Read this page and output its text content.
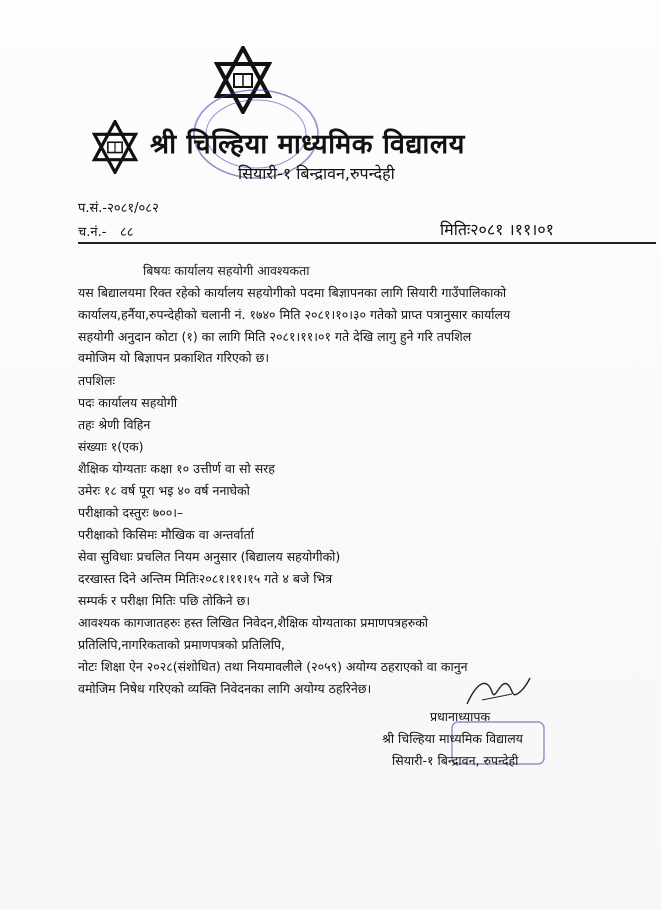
श्री चिल्हिया माध्यमिक विद्यालय
सियारी-१ बिन्द्रावन,रुपन्देही
प.सं.-२०८१/०८२
च.नं.- ८८	मितिः२०८१ ।११।०१
बिषयः कार्यालय सहयोगी आवश्यकता
यस बिद्यालयमा रिक्त रहेको कार्यालय सहयोगीको पदमा बिज्ञापनका लागि सियारी गाउँपालिकाको
कार्यालय,हर्नैया,रुपन्देहीको चलानी नं. १७४० मिति २०८१।१०।३० गतेको प्राप्त पत्रानुसार कार्यालय
सहयोगी अनुदान कोटा (१) का लागि मिति २०८१।११।०१ गते देखि लागु हुने गरि तपशिल
वमोजिम यो बिज्ञापन प्रकाशित गरिएको छ।
तपशिलः
पदः कार्यालय सहयोगी
तहः श्रेणी विहिन
संख्याः १(एक)
शैक्षिक योग्यताः कक्षा १० उत्तीर्ण वा सो सरह
उमेरः १८ वर्ष पूरा भइ ४० वर्ष ननाघेको
परीक्षाको दस्तुरः ७००।–
परीक्षाको किसिमः मौखिक वा अन्तर्वार्ता
सेवा सुविधाः प्रचलित नियम अनुसार (बिद्यालय सहयोगीको)
दरखास्त दिने अन्तिम मितिः२०८१।११।१५ गते ४ बजे भित्र
सम्पर्क र परीक्षा मितिः पछि तोकिने छ।
आवश्यक कागजातहरुः हस्त लिखित निवेदन,शैक्षिक योग्यताका प्रमाणपत्रहरुको
प्रतिलिपि,नागरिकताको प्रमाणपत्रको प्रतिलिपि,
नोटः शिक्षा ऐन २०२८(संशोधित) तथा नियमावलीले (२०५९) अयोग्य ठहराएको वा कानुन
वमोजिम निषेध गरिएको व्यक्ति निवेदनका लागि अयोग्य ठहरिनेछ।
प्रधानाध्यापक
श्री चिल्हिया माध्यमिक विद्यालय
सियारी-१ बिन्द्रावन, रुपन्देही
